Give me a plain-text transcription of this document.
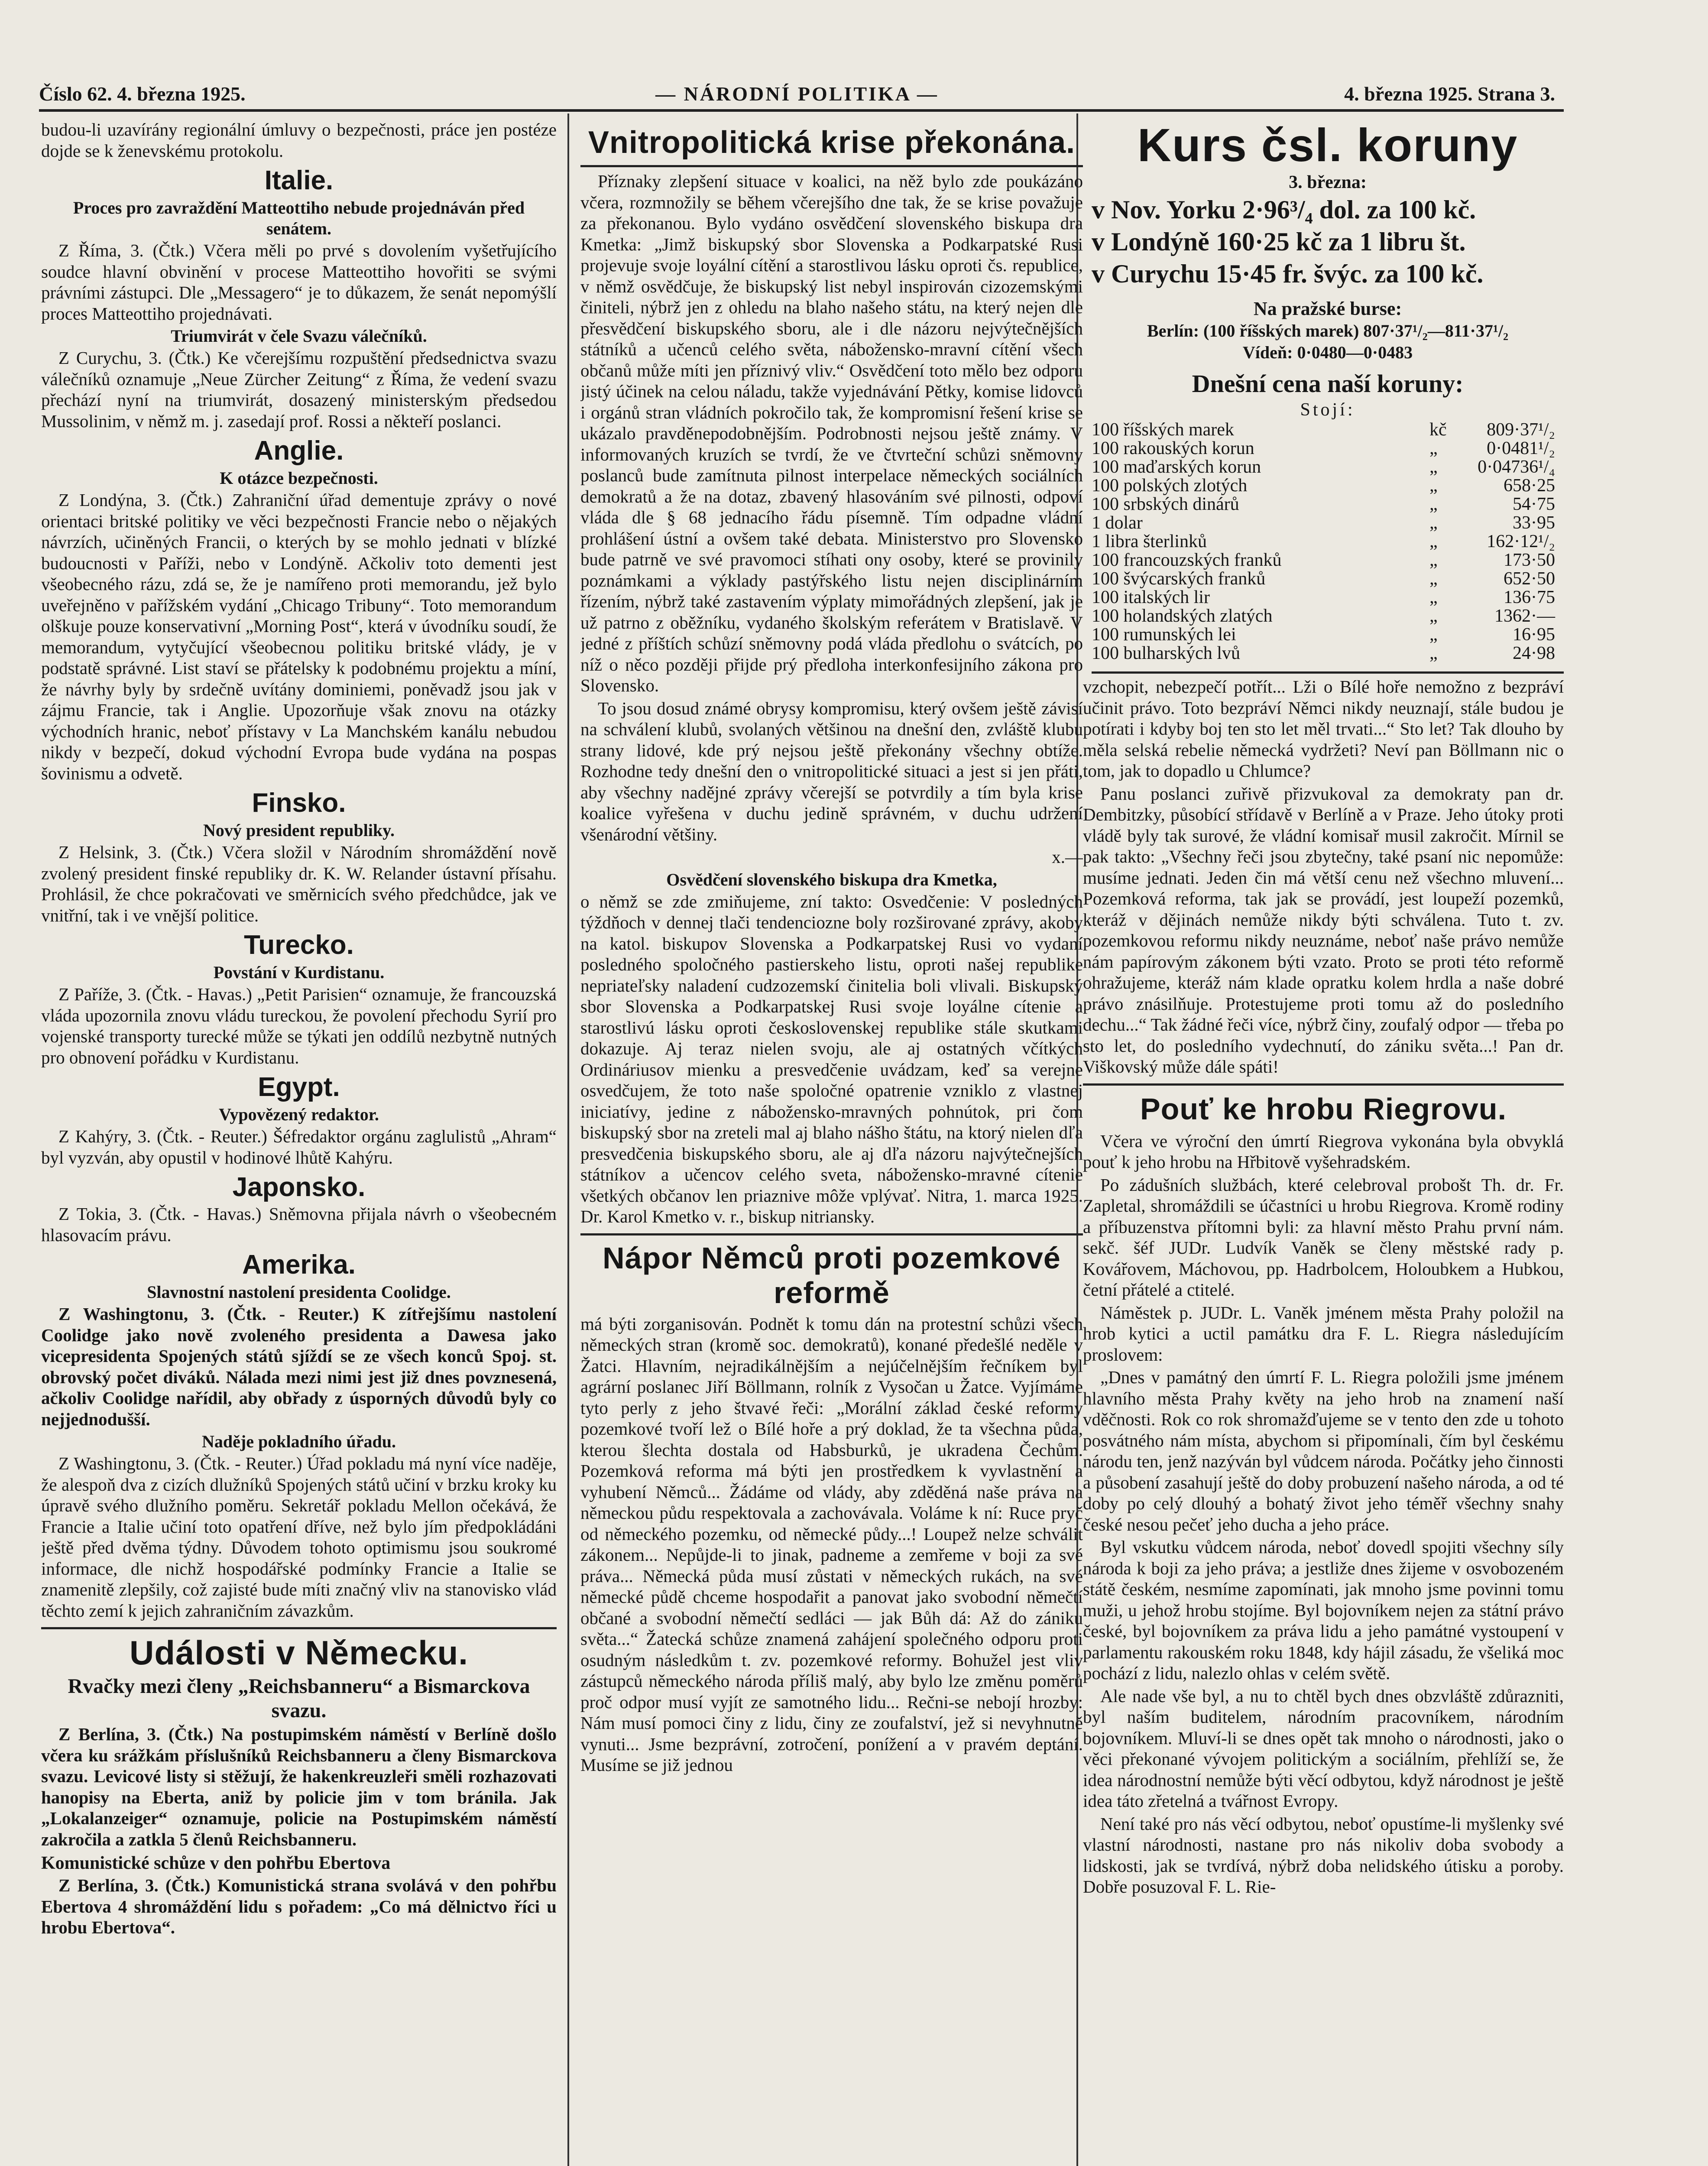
Číslo 62. 4. března 1925.	— NÁRODNÍ POLITIKA —	4. března 1925. Strana 3.

budou-li uzavírány regionální úmluvy o bezpečnosti, práce jen postéze dojde se k ženevskému protokolu.

Italie.
Proces pro zavraždění Matteottiho nebude projednáván před senátem.

Z Říma, 3. (Čtk.) Včera měli po prvé s dovolením vyšetřujícího soudce hlavní obvinění v procese Matteottiho hovořiti se svými právními zástupci. Dle „Messagero“ je to důkazem, že senát nepomýšlí proces Matteottiho projednávati.

Triumvirát v čele Svazu válečníků.

Z Curychu, 3. (Čtk.) Ke včerejšímu rozpuštění předsednictva svazu válečníků oznamuje „Neue Zürcher Zeitung“ z Říma, že vedení svazu přechází nyní na triumvirát, dosazený ministerským předsedou Mussolinim, v němž m. j. zasedají prof. Rossi a někteří poslanci.

Anglie.
K otázce bezpečnosti.

Z Londýna, 3. (Čtk.) Zahraniční úřad dementuje zprávy o nové orientaci britské politiky ve věci bezpečnosti Francie nebo o nějakých návrzích, učiněných Francii, o kterých by se mohlo jednati v blízké budoucnosti v Paříži, nebo v Londýně. Ačkoliv toto dementi jest všeobecného rázu, zdá se, že je namířeno proti memorandu, jež bylo uveřejněno v pařížském vydání „Chicago Tribuny“. Toto memorandum olškuje pouze konservativní „Morning Post“, která v úvodníku soudí, že memorandum, vytyčující všeobecnou politiku britské vlády, je v podstatě správné. List staví se přátelsky k podobnému projektu a míní, že návrhy byly by srdečně uvítány dominiemi, poněvadž jsou jak v zájmu Francie, tak i Anglie. Upozorňuje však znovu na otázky východních hranic, neboť přístavy v La Manchském kanálu nebudou nikdy v bezpečí, dokud východní Evropa bude vydána na pospas šovinismu a odvetě.

Finsko.
Nový president republiky.

Z Helsink, 3. (Čtk.) Včera složil v Národním shromáždění nově zvolený president finské republiky dr. K. W. Relander ústavní přísahu. Prohlásil, že chce pokračovati ve směrnicích svého předchůdce, jak ve vnitřní, tak i ve vnější politice.

Turecko.
Povstání v Kurdistanu.

Z Paříže, 3. (Čtk. - Havas.) „Petit Parisien“ oznamuje, že francouzská vláda upozornila znovu vládu tureckou, že povolení přechodu Syrií pro vojenské transporty turecké může se týkati jen oddílů nezbytně nutných pro obnovení pořádku v Kurdistanu.

Egypt.
Vypovězený redaktor.

Z Kahýry, 3. (Čtk. - Reuter.) Šéfredaktor orgánu zaglulistů „Ahram“ byl vyzván, aby opustil v hodinové lhůtě Kahýru.

Japonsko.

Z Tokia, 3. (Čtk. - Havas.) Sněmovna přijala návrh o všeobecném hlasovacím právu.

Amerika.
Slavnostní nastolení presidenta Coolidge.

Z Washingtonu, 3. (Čtk. - Reuter.) K zítřejšímu nastolení Coolidge jako nově zvoleného presidenta a Dawesa jako vicepresidenta Spojených států sjíždí se ze všech konců Spoj. st. obrovský počet diváků. Nálada mezi nimi jest již dnes povznesená, ačkoliv Coolidge nařídil, aby obřady z úsporných důvodů byly co nejjednodušší.

Naděje pokladního úřadu.

Z Washingtonu, 3. (Čtk. - Reuter.) Úřad pokladu má nyní více naděje, že alespoň dva z cizích dlužníků Spojených států učiní v brzku kroky ku úpravě svého dlužního poměru. Sekretář pokladu Mellon očekává, že Francie a Italie učiní toto opatření dříve, než bylo jím předpokládáni ještě před dvěma týdny. Důvodem tohoto optimismu jsou soukromé informace, dle nichž hospodářské podmínky Francie a Italie se znamenitě zlepšily, což zajisté bude míti značný vliv na stanovisko vlád těchto zemí k jejich zahraničním závazkům.

Události v Německu.
Rvačky mezi členy „Reichsbanneru“ a Bismarckova svazu.

Z Berlína, 3. (Čtk.) Na postupimském náměstí v Berlíně došlo včera ku srážkám příslušníků Reichsbanneru a členy Bismarckova svazu. Levicové listy si stěžují, že hakenkreuzleři směli rozhazovati hanopisy na Eberta, aniž by policie jim v tom bránila. Jak „Lokalanzeiger“ oznamuje, policie na Postupimském náměstí zakročila a zatkla 5 členů Reichsbanneru.

Komunistické schůze v den pohřbu Ebertova

Z Berlína, 3. (Čtk.) Komunistická strana svolává v den pohřbu Ebertova 4 shromáždění lidu s pořadem: „Co má dělnictvo říci u hrobu Ebertova“.

Vnitropolitická krise překonána.

Příznaky zlepšení situace v koalici, na něž bylo zde poukázáno včera, rozmnožily se během včerejšího dne tak, že se krise považuje za překonanou. Bylo vydáno osvědčení slovenského biskupa dra Kmetka: „Jimž biskupský sbor Slovenska a Podkarpatské Rusi projevuje svoje loyální cítění a starostlivou lásku oproti čs. republice, v němž osvědčuje, že biskupský list nebyl inspirován cizozemskými činiteli, nýbrž jen z ohledu na blaho našeho státu, na který nejen dle přesvědčení biskupského sboru, ale i dle názoru nejvýtečnějších státníků a učenců celého světa, nábožensko-mravní cítění všech občanů může míti jen příznivý vliv.“ Osvědčení toto mělo bez odporu jistý účinek na celou náladu, takže vyjednávání Pětky, komise lidovců i orgánů stran vládních pokročilo tak, že kompromisní řešení krise se ukázalo pravděnepodobnějším. Podrobnosti nejsou ještě známy. V informovaných kruzích se tvrdí, že ve čtvrteční schůzi sněmovny poslanců bude zamítnuta pilnost interpelace německých sociálních demokratů a že na dotaz, zbavený hlasováním své pilnosti, odpoví vláda dle § 68 jednacího řádu písemně. Tím odpadne vládní prohlášení ústní a ovšem také debata. Ministerstvo pro Slovensko bude patrně ve své pravomoci stíhati ony osoby, které se provinily poznámkami a výklady pastýřského listu nejen disciplinárním řízením, nýbrž také zastavením výplaty mimořádných zlepšení, jak je už patrno z oběžníku, vydaného školským referátem v Bratislavě. V jedné z příštích schůzí sněmovny podá vláda předlohu o svátcích, po níž o něco později přijde prý předloha interkonfesijního zákona pro Slovensko.

To jsou dosud známé obrysy kompromisu, který ovšem ještě závisí na schválení klubů, svolaných většinou na dnešní den, zvláště klubu strany lidové, kde prý nejsou ještě překonány všechny obtíže. Rozhodne tedy dnešní den o vnitropolitické situaci a jest si jen přáti, aby všechny nadějné zprávy včerejší se potvrdily a tím byla krise koalice vyřešena v duchu jedině správném, v duchu udržení všenárodní většiny.

x.—

Osvědčení slovenského biskupa dra Kmetka,

o němž se zde zmiňujeme, zní takto: Osvedčenie: V posledných týždňoch v dennej tlači tendenciozne boly rozširované zprávy, akoby na katol. biskupov Slovenska a Podkarpatskej Rusi vo vydaní posledného spoločného pastierskeho listu, oproti našej republike nepriateľsky naladení cudzozemskí činitelia boli vlivali. Biskupský sbor Slovenska a Podkarpatskej Rusi svoje loyálne cítenie a starostlivú lásku oproti československej republike stále skutkami dokazuje. Aj teraz nielen svoju, ale aj ostatných včítkých Ordináriusov mienku a presvedčenie uvádzam, keď sa verejne osvedčujem, že toto naše spoločné opatrenie vzniklo z vlastnej iniciatívy, jedine z nábožensko-mravných pohnútok, pri čom biskupský sbor na zreteli mal aj blaho nášho štátu, na ktorý nielen dľa presvedčenia biskupského sboru, ale aj dľa názoru najvýtečnejších státníkov a učencov celého sveta, nábožensko-mravné cítenie všetkých občanov len priaznive môže vplývať. Nitra, 1. marca 1925. Dr. Karol Kmetko v. r., biskup nitriansky.

Nápor Němců proti pozemkové reformě

má býti zorganisován. Podnět k tomu dán na protestní schůzi všech německých stran (kromě soc. demokratů), konané předešlé neděle v Žatci. Hlavním, nejradikálnějším a nejúčelnějším řečníkem byl agrární poslanec Jiří Böllmann, rolník z Vysočan u Žatce. Vyjímáme tyto perly z jeho štvavé řeči: „Morální základ české reformy pozemkové tvoří lež o Bílé hoře a prý doklad, že ta všechna půda, kterou šlechta dostala od Habsburků, je ukradena Čechům. Pozemková reforma má býti jen prostředkem k vyvlastnění a vyhubení Němců... Žádáme od vlády, aby zděděná naše práva na německou půdu respektovala a zachovávala. Voláme k ní: Ruce pryč od německého pozemku, od německé půdy...! Loupež nelze schválit zákonem... Nepůjde-li to jinak, padneme a zemřeme v boji za své práva... Německá půda musí zůstati v německých rukách, na své německé půdě chceme hospodařit a panovat jako svobodní němečtí občané a svobodní němečtí sedláci — jak Bůh dá: Až do zániku světa...“ Žatecká schůze znamená zahájení společného odporu proti osudným následkům t. zv. pozemkové reformy. Bohužel jest vliv zástupců německého národa příliš malý, aby bylo lze změnu poměrů proč odpor musí vyjít ze samotného lidu... Rečni-se nebojí hrozby: Nám musí pomoci činy z lidu, činy ze zoufalství, jež si nevyhnutně vynuti... Jsme bezprávní, zotročení, ponížení a v pravém deptání. Musíme se již jednou

Kurs čsl. koruny

3. března:
v Nov. Yorku 2·96³/₄ dol. za 100 kč.
v Londýně 160·25 kč za 1 libru št.
v Curychu 15·45 fr. švýc. za 100 kč.
Na pražské burse:
Berlín: (100 říšských marek) 807·37¹/₂—811·37¹/₂
Vídeň: 0·0480—0·0483
Dnešní cena naší koruny:
Stojí:
100 říšských marek	kč	809·37¹/₂
100 rakouských korun	„	0·0481¹/₂
100 maďarských korun	„	0·04736¹/₄
100 polských zlotých	„	658·25
100 srbských dinárů	„	54·75
1 dolar	„	33·95
1 libra šterlinků	„	162·12¹/₂
100 francouzských franků	„	173·50
100 švýcarských franků	„	652·50
100 italských lir	„	136·75
100 holandských zlatých	„	1362·—
100 rumunských lei	„	16·95
100 bulharských lvů	„	24·98

vzchopit, nebezpečí potřít... Lži o Bílé hoře nemožno z bezpráví učinit právo. Toto bezpráví Němci nikdy neuznají, stále budou je potírati i kdyby boj ten sto let měl trvati...“ Sto let? Tak dlouho by měla selská rebelie německá vydržeti? Neví pan Böllmann nic o tom, jak to dopadlo u Chlumce?

Panu poslanci zuřivě přizvukoval za demokraty pan dr. Dembitzky, působící střídavě v Berlíně a v Praze. Jeho útoky proti vládě byly tak surové, že vládní komisař musil zakročit. Mírnil se pak takto: „Všechny řeči jsou zbytečny, také psaní nic nepomůže: musíme jednati. Jeden čin má větší cenu než všechno mluvení... Pozemková reforma, tak jak se provádí, jest loupeží pozemků, kteráž v dějinách nemůže nikdy býti schválena. Tuto t. zv. pozemkovou reformu nikdy neuznáme, neboť naše právo nemůže nám papírovým zákonem býti vzato. Proto se proti této reformě ohražujeme, kteráž nám klade opratku kolem hrdla a naše dobré právo znásilňuje. Protestujeme proti tomu až do posledního dechu...“ Tak žádné řeči více, nýbrž činy, zoufalý odpor — třeba po sto let, do posledního vydechnutí, do zániku světa...! Pan dr. Viškovský může dále spáti!

Pouť ke hrobu Riegrovu.

Včera ve výroční den úmrtí Riegrova vykonána byla obvyklá pouť k jeho hrobu na Hřbitově vyšehradském.

Po zádušních službách, které celebroval probošt Th. dr. Fr. Zapletal, shromáždili se účastníci u hrobu Riegrova. Kromě rodiny a příbuzenstva přítomni byli: za hlavní město Prahu první nám. sekč. šéf JUDr. Ludvík Vaněk se členy městské rady p. Kovářovem, Máchovou, pp. Hadrbolcem, Holoubkem a Hubkou, četní přátelé a ctitelé.

Náměstek p. JUDr. L. Vaněk jménem města Prahy položil na hrob kytici a uctil památku dra F. L. Riegra následujícím proslovem:

„Dnes v památný den úmrtí F. L. Riegra položili jsme jménem hlavního města Prahy květy na jeho hrob na znamení naší vděčnosti. Rok co rok shromažďujeme se v tento den zde u tohoto posvátného nám místa, abychom si připomínali, čím byl českému národu ten, jenž nazýván byl vůdcem národa. Počátky jeho činnosti a působení zasahují ještě do doby probuzení našeho národa, a od té doby po celý dlouhý a bohatý život jeho téměř všechny snahy české nesou pečeť jeho ducha a jeho práce.

Byl vskutku vůdcem národa, neboť dovedl spojiti všechny síly národa k boji za jeho práva; a jestliže dnes žijeme v osvobozeném státě českém, nesmíme zapomínati, jak mnoho jsme povinni tomu muži, u jehož hrobu stojíme. Byl bojovníkem nejen za státní právo české, byl bojovníkem za práva lidu a jeho památné vystoupení v parlamentu rakouském roku 1848, kdy hájil zásadu, že všeliká moc pochází z lidu, nalezlo ohlas v celém světě.

Ale nade vše byl, a nu to chtěl bych dnes obzvláště zdůrazniti, byl naším buditelem, národním pracovníkem, národním bojovníkem. Mluví-li se dnes opět tak mnoho o národnosti, jako o věci překonané vývojem politickým a sociálním, přehlíží se, že idea národnostní nemůže býti věcí odbytou, když národnost je ještě idea táto zřetelná a tvářnost Evropy.

Není také pro nás věcí odbytou, neboť opustíme-li myšlenky své vlastní národnosti, nastane pro nás nikoliv doba svobody a lidskosti, jak se tvrdívá, nýbrž doba nelidského útisku a poroby. Dobře posuzoval F. L. Rie-
